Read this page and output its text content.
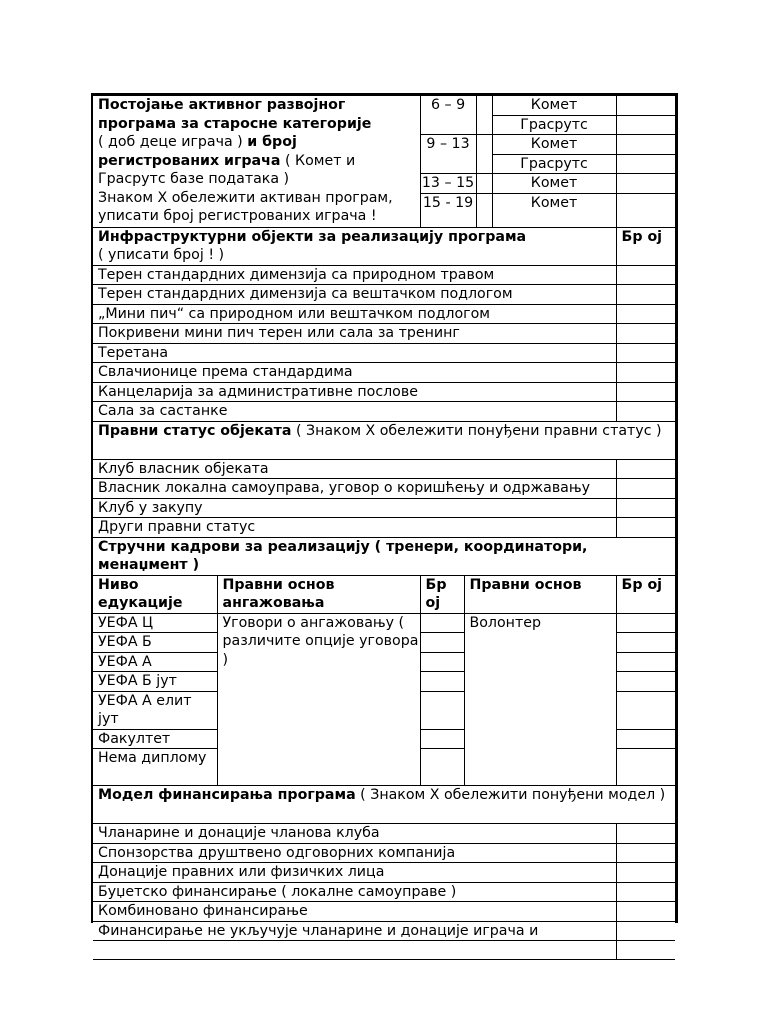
Постојање активног развојног програма за старосне категорије
( доб деце играча ) и број регистрованих играча ( Комет и Грасрутс базе података )
Знаком X обележити активан програм, уписати број регистрованих играча !		6 – 9			Комет	
					Грасрутс	
		9 – 13			Комет	
					Грасрутс	
		13 – 15			Комет	
		15 - 19			Комет	

Инфраструктурни објекти за реализацију програма
( уписати број ! )						Бр ој
Терен стандардних димензија са природном травом						
Терен стандардних димензија са вештачком подлогом						
„Мини пич“ са природном или вештачком подлогом						
Покривени мини пич терен или сала за тренинг						
Теретана						
Свлачионице према стандардима						
Канцеларија за административне послове						
Сала за састанке						
Правни статус објеката ( Знаком X обележити понуђени правни статус )						
Клуб власник објеката						
Власник локална самоуправа, уговор о коришћењу и одржавању						
Клуб у закупу						
Други правни статус						
Стручни кадрови за реализацију ( тренери, координатори, менаџмент )						
Ниво едукације	Правни основ ангажовања	Бр ој	Правни основ			Бр ој
УЕФА Ц	Уговори о ангажовању ( различите опције уговора )		Волонтер			
УЕФА Б						
УЕФА А						
УЕФА Б јут						
УЕФА А елит јут						
Факултет						
Нема диплому						
Модел финансирања програма ( Знаком X обележити понуђени модел )						
Чланарине и донације чланова клуба						
Спонзорства друштвено одговорних компанија						
Донације правних или физичких лица						
Буџетско финансирање ( локалне самоуправе )						
Комбиновано финансирање						
Финансирање не укључује чланарине и донације играча и						
